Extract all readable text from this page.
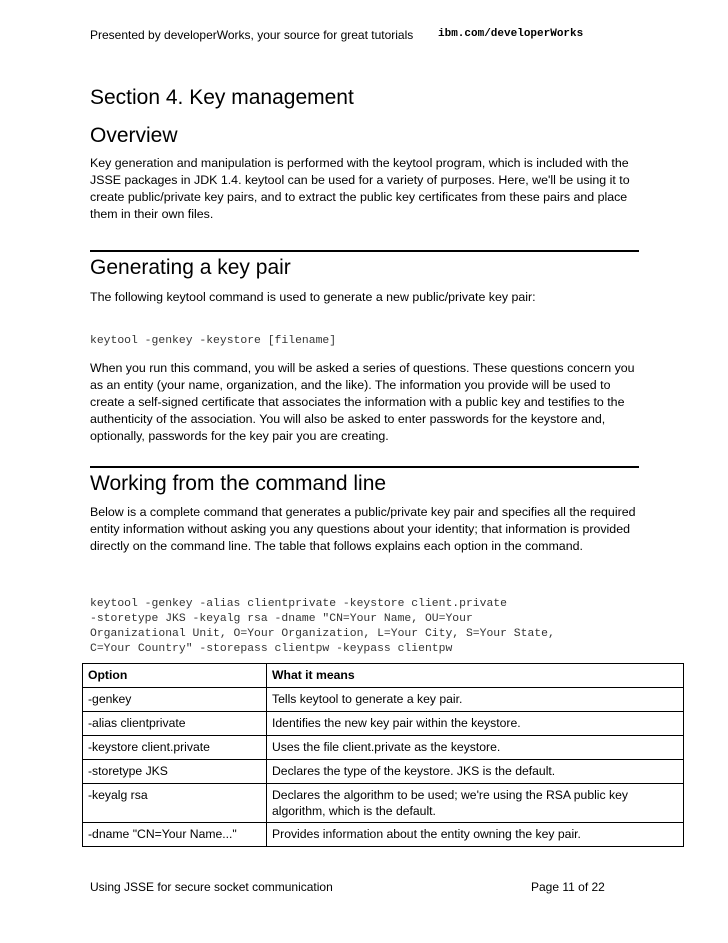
Presented by developerWorks, your source for great tutorials ibm.com/developerWorks
Section 4. Key management
Overview

Key generation and manipulation is performed with the keytool program, which is included with the JSSE packages in JDK 1.4. keytool can be used for a variety of purposes. Here, we'll be using it to create public/private key pairs, and to extract the public key certificates from these pairs and place them in their own files.

Generating a key pair

The following keytool command is used to generate a new public/private key pair:

keytool -genkey -keystore [filename]

When you run this command, you will be asked a series of questions. These questions concern you as an entity (your name, organization, and the like). The information you provide will be used to create a self-signed certificate that associates the information with a public key and testifies to the authenticity of the association. You will also be asked to enter passwords for the keystore and, optionally, passwords for the key pair you are creating.

Working from the command line

Below is a complete command that generates a public/private key pair and specifies all the required entity information without asking you any questions about your identity; that information is provided directly on the command line. The table that follows explains each option in the command.

keytool -genkey -alias clientprivate -keystore client.private
-storetype JKS -keyalg rsa -dname "CN=Your Name, OU=Your
Organizational Unit, O=Your Organization, L=Your City, S=Your State,
C=Your Country" -storepass clientpw -keypass clientpw
Option	What it means
-genkey	Tells keytool to generate a key pair.
-alias clientprivate	Identifies the new key pair within the keystore.
-keystore client.private	Uses the file client.private as the keystore.
-storetype JKS	Declares the type of the keystore. JKS is the default.
-keyalg rsa	Declares the algorithm to be used; we're using the RSA public key algorithm, which is the default.
-dname "CN=Your Name..."	Provides information about the entity owning the key pair.
Using JSSE for secure socket communication	Page 11 of 22
